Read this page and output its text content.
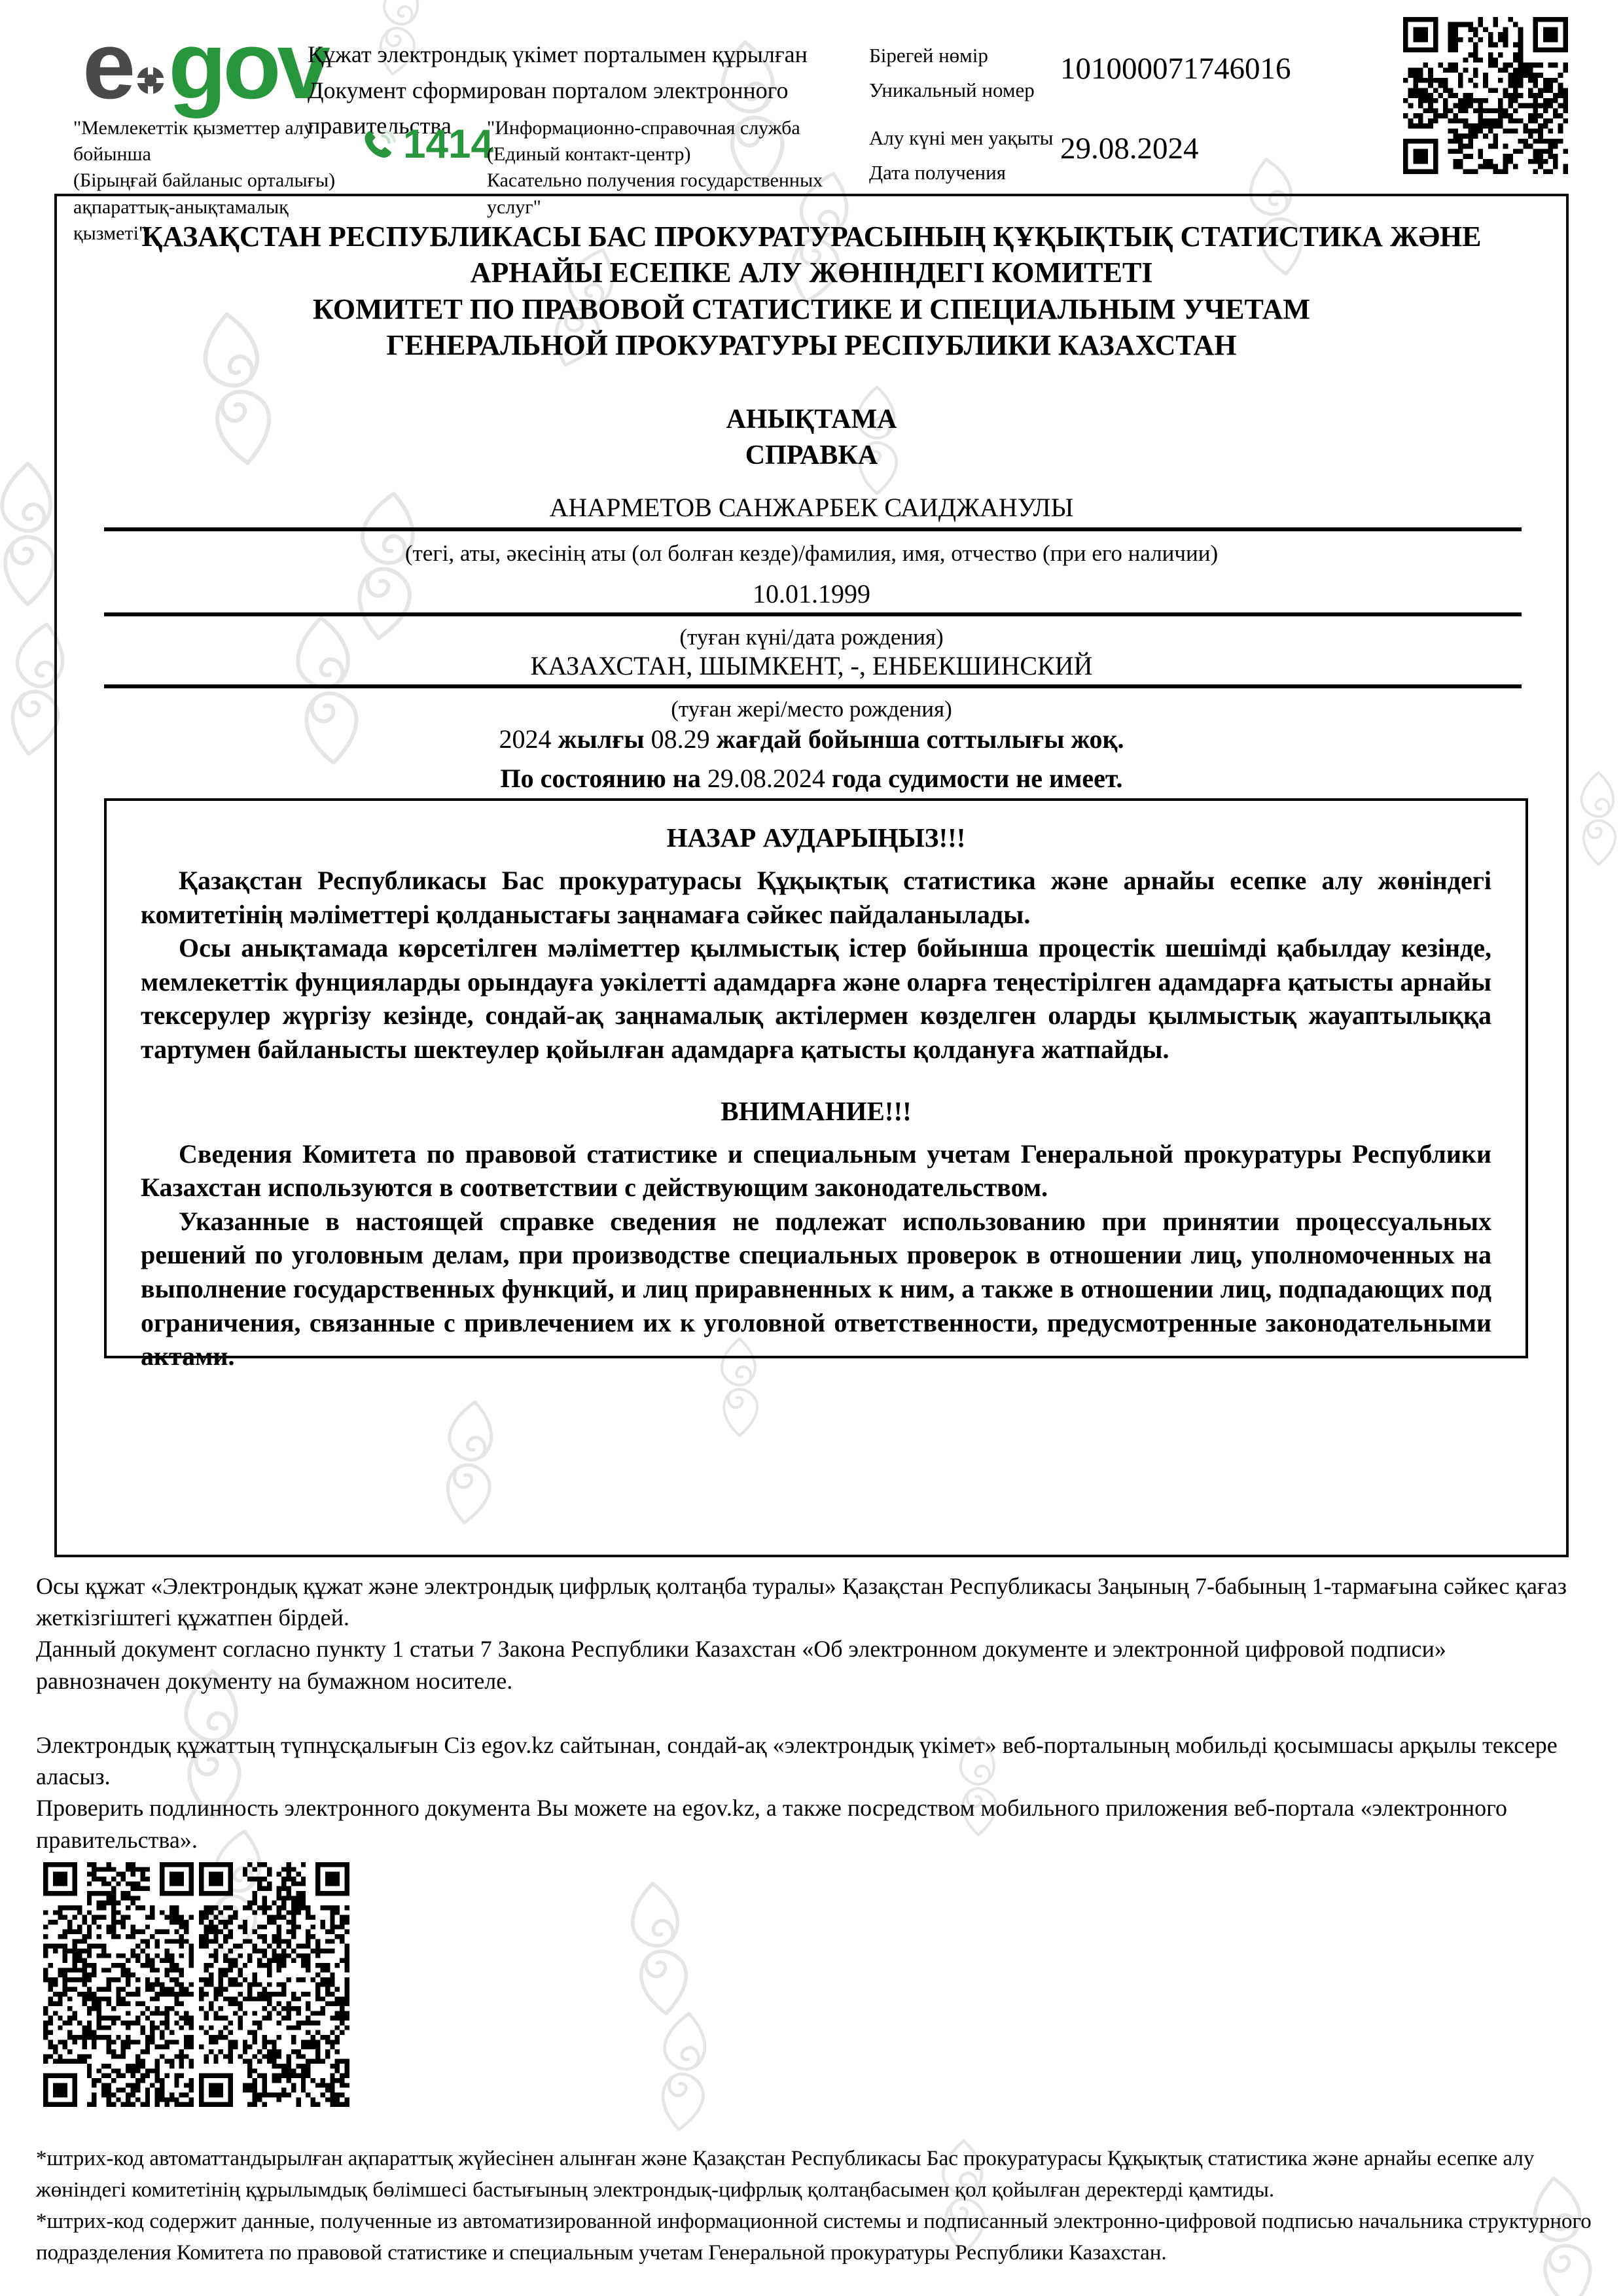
e gov
Құжат электрондық үкімет порталымен құрылған
Документ сформирован порталом электронного правительства
"Мемлекеттік қызметтер алу бойынша
(Бірыңғай байланыс орталығы)
ақпараттық-анықтамалық қызметі"
1414
"Информационно-справочная служба
(Единый контакт-центр)
Касательно получения государственных услуг"
Бірегей нөмір
Уникальный номер
101000071746016
Алу күні мен уақыты
Дата получения
29.08.2024
ҚАЗАҚСТАН РЕСПУБЛИКАСЫ БАС ПРОКУРАТУРАСЫНЫҢ ҚҰҚЫҚТЫҚ СТАТИСТИКА ЖӘНЕ
АРНАЙЫ ЕСЕПКЕ АЛУ ЖӨНІНДЕГІ КОМИТЕТІ
КОМИТЕТ ПО ПРАВОВОЙ СТАТИСТИКЕ И СПЕЦИАЛЬНЫМ УЧЕТАМ
ГЕНЕРАЛЬНОЙ ПРОКУРАТУРЫ РЕСПУБЛИКИ КАЗАХСТАН
АНЫҚТАМА
СПРАВКА
АНАРМЕТОВ САНЖАРБЕК САИДЖАНУЛЫ
(тегі, аты, әкесінің аты (ол болған кезде)/фамилия, имя, отчество (при его наличии)
10.01.1999
(туған күні/дата рождения)
КАЗАХСТАН, ШЫМКЕНТ, -, ЕНБЕКШИНСКИЙ
(туған жері/место рождения)
2024 жылғы 08.29 жағдай бойынша соттылығы жоқ.
По состоянию на 29.08.2024 года судимости не имеет.
НАЗАР АУДАРЫҢЫЗ!!!

Қазақстан Республикасы Бас прокуратурасы Құқықтық статистика және арнайы есепке алу жөніндегі комитетінің мәліметтері қолданыстағы заңнамаға сәйкес пайдаланылады.

Осы анықтамада көрсетілген мәліметтер қылмыстық істер бойынша процестік шешімді қабылдау кезінде, мемлекеттік фунцияларды орындауға уәкілетті адамдарға және оларға теңестірілген адамдарға қатысты арнайы тексерулер жүргізу кезінде, сондай-ақ заңнамалық актілермен көзделген оларды қылмыстық жауаптылыққа тартумен байланысты шектеулер қойылған адамдарға қатысты қолдануға жатпайды.

ВНИМАНИЕ!!!

Сведения Комитета по правовой статистике и специальным учетам Генеральной прокуратуры Республики Казахстан используются в соответствии с действующим законодательством.

Указанные в настоящей справке сведения не подлежат использованию при принятии процессуальных решений по уголовным делам, при производстве специальных проверок в отношении лиц, уполномоченных на выполнение государственных функций, и лиц приравненных к ним, а также в отношении лиц, подпадающих под ограничения, связанные с привлечением их к уголовной ответственности, предусмотренные законодательными актами.

Осы құжат «Электрондық құжат және электрондық цифрлық қолтаңба туралы» Қазақстан Республикасы Заңының 7-бабының 1-тармағына сәйкес қағаз жеткізгіштегі құжатпен бірдей.

Данный документ согласно пункту 1 статьи 7 Закона Республики Казахстан «Об электронном документе и электронной цифровой подписи» равнозначен документу на бумажном носителе.

Электрондық құжаттың түпнұсқалығын Сіз egov.kz сайтынан, сондай-ақ «электрондық үкімет» веб-порталының мобильді қосымшасы арқылы тексере аласыз.

Проверить подлинность электронного документа Вы можете на egov.kz, а также посредством мобильного приложения веб-портала «электронного правительства».

*штрих-код автоматтандырылған ақпараттық жүйесінен алынған және Қазақстан Республикасы Бас прокуратурасы Құқықтық статистика және арнайы есепке алу жөніндегі комитетінің құрылымдық бөлімшесі бастығының электрондық-цифрлық қолтаңбасымен қол қойылған деректерді қамтиды.

*штрих-код содержит данные, полученные из автоматизированной информационной системы и подписанный электронно-цифровой подписью начальника структурного подразделения Комитета по правовой статистике и специальным учетам Генеральной прокуратуры Республики Казахстан.
